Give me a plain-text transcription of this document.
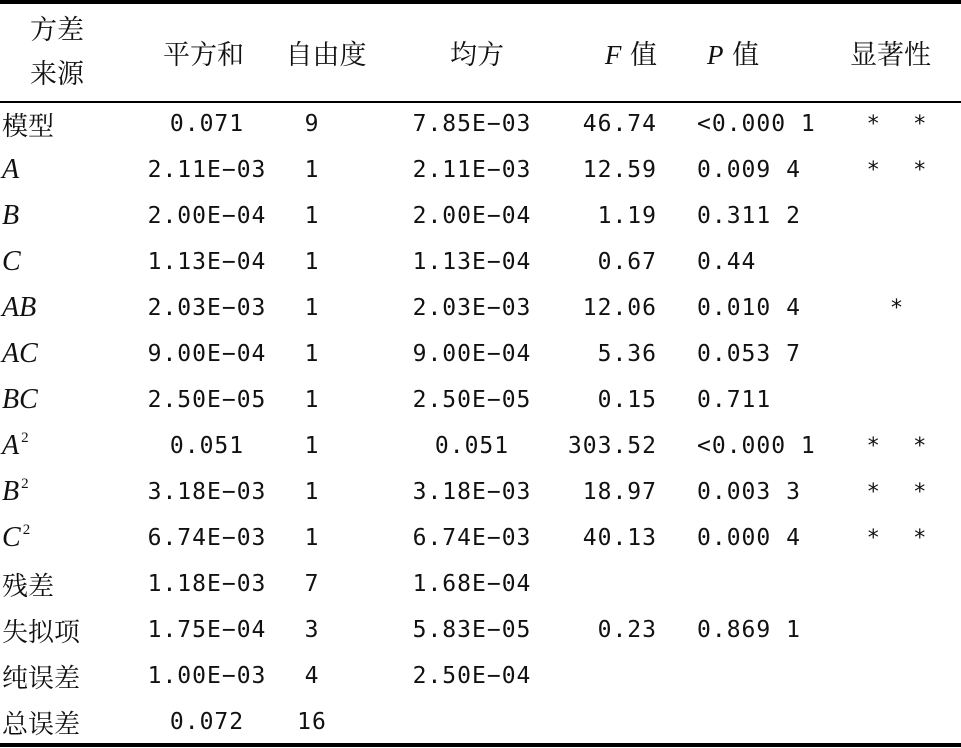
方差
来源	平方和	自由度	均方	F 值	P 值	显著性
模型	0.071	9	7.85E−03	46.74	<0.000 1	* *
A	2.11E−03	1	2.11E−03	12.59	0.009 4	* *
B	2.00E−04	1	2.00E−04	1.19	0.311 2	
C	1.13E−04	1	1.13E−04	0.67	0.44	
AB	2.03E−03	1	2.03E−03	12.06	0.010 4	*
AC	9.00E−04	1	9.00E−04	5.36	0.053 7	
BC	2.50E−05	1	2.50E−05	0.15	0.711	
A $^2$	0.051	1	0.051	303.52	<0.000 1	* *
B $^2$	3.18E−03	1	3.18E−03	18.97	0.003 3	* *
C $^2$	6.74E−03	1	6.74E−03	40.13	0.000 4	* *
残差	1.18E−03	7	1.68E−04			
失拟项	1.75E−04	3	5.83E−05	0.23	0.869 1	
纯误差	1.00E−03	4	2.50E−04			
总误差	0.072	16				
